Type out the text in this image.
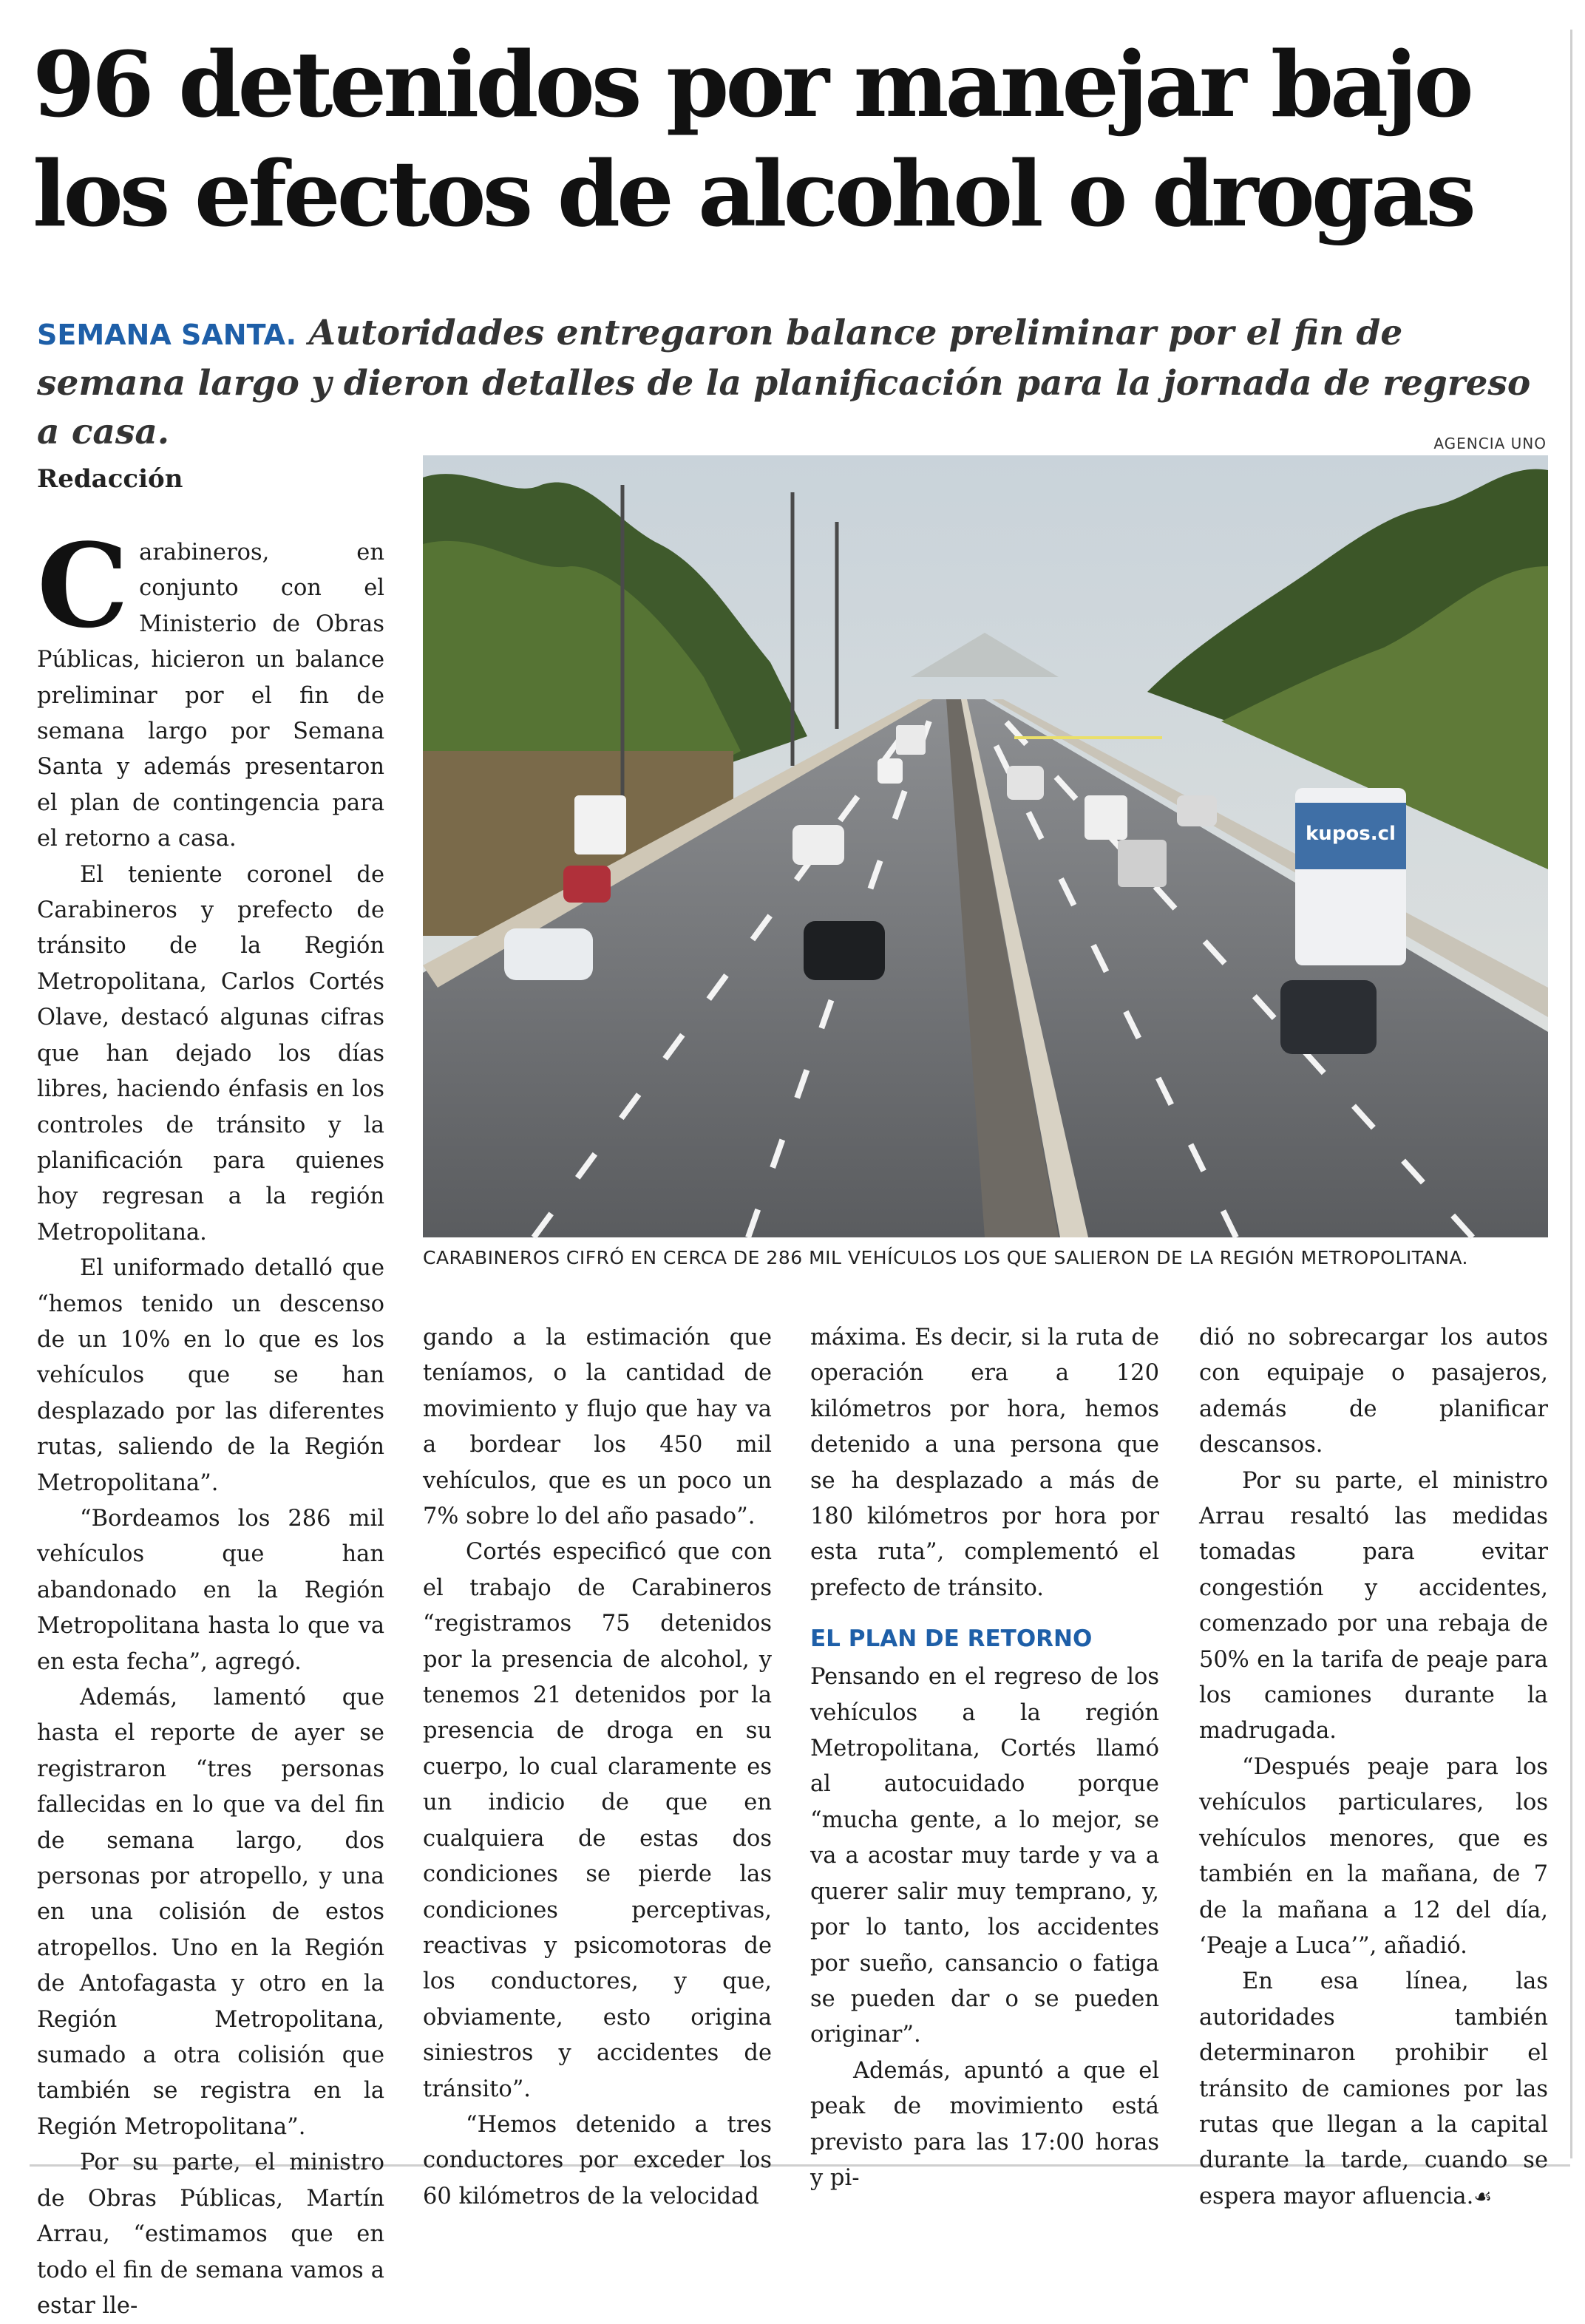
96 detenidos por manejar bajo los efectos de alcohol o drogas
SEMANA SANTA. Autoridades entregaron balance preliminar por el fin de semana largo y dieron detalles de la planificación para la jornada de regreso a casa.
Redacción
AGENCIA UNO
kupos.cl
CARABINEROS CIFRÓ EN CERCA DE 286 MIL VEHÍCULOS LOS QUE SALIERON DE LA REGIÓN METROPOLITANA.

Carabineros, en conjunto con el Ministerio de Obras Públicas, hicieron un balance preliminar por el fin de semana largo por Semana Santa y además presentaron el plan de contingencia para el retorno a casa.

El teniente coronel de Carabineros y prefecto de tránsito de la Región Metropolitana, Carlos Cortés Olave, destacó algunas cifras que han dejado los días libres, haciendo énfasis en los controles de tránsito y la planificación para quienes hoy regresan a la región Metropolitana.

El uniformado detalló que “hemos tenido un descenso de un 10% en lo que es los vehículos que se han desplazado por las diferentes rutas, saliendo de la Región Metropolitana”.

“Bordeamos los 286 mil vehículos que han abandonado en la Región Metropolitana hasta lo que va en esta fecha”, agregó.

Además, lamentó que hasta el reporte de ayer se registraron “tres personas fallecidas en lo que va del fin de semana largo, dos personas por atropello, y una en una colisión de estos atropellos. Uno en la Región de Antofagasta y otro en la Región Metropolitana, sumado a otra colisión que también se registra en la Región Metropolitana”.

Por su parte, el ministro de Obras Públicas, Martín Arrau, “estimamos que en todo el fin de semana vamos a estar lle-

gando a la estimación que teníamos, o la cantidad de movimiento y flujo que hay va a bordear los 450 mil vehículos, que es un poco un 7% sobre lo del año pasado”.

Cortés especificó que con el trabajo de Carabineros “registramos 75 detenidos por la presencia de alcohol, y tenemos 21 detenidos por la presencia de droga en su cuerpo, lo cual claramente es un indicio de que en cualquiera de estas dos condiciones se pierde las condiciones perceptivas, reactivas y psicomotoras de los conductores, y que, obviamente, esto origina siniestros y accidentes de tránsito”.

“Hemos detenido a tres conductores por exceder los 60 kilómetros de la velocidad

máxima. Es decir, si la ruta de operación era a 120 kilómetros por hora, hemos detenido a una persona que se ha desplazado a más de 180 kilómetros por hora por esta ruta”, complementó el prefecto de tránsito.

EL PLAN DE RETORNO

Pensando en el regreso de los vehículos a la región Metropolitana, Cortés llamó al autocuidado porque “mucha gente, a lo mejor, se va a acostar muy tarde y va a querer salir muy temprano, y, por lo tanto, los accidentes por sueño, cansancio o fatiga se pueden dar o se pueden originar”.

Además, apuntó a que el peak de movimiento está previsto para las 17:00 horas y pi-

dió no sobrecargar los autos con equipaje o pasajeros, además de planificar descansos.

Por su parte, el ministro Arrau resaltó las medidas tomadas para evitar congestión y accidentes, comenzado por una rebaja de 50% en la tarifa de peaje para los camiones durante la madrugada.

“Después peaje para los vehículos particulares, los vehículos menores, que es también en la mañana, de 7 de la mañana a 12 del día, ‘Peaje a Luca’”, añadió.

En esa línea, las autoridades también determinaron prohibir el tránsito de camiones por las rutas que llegan a la capital durante la tarde, cuando se espera mayor afluencia.☙
